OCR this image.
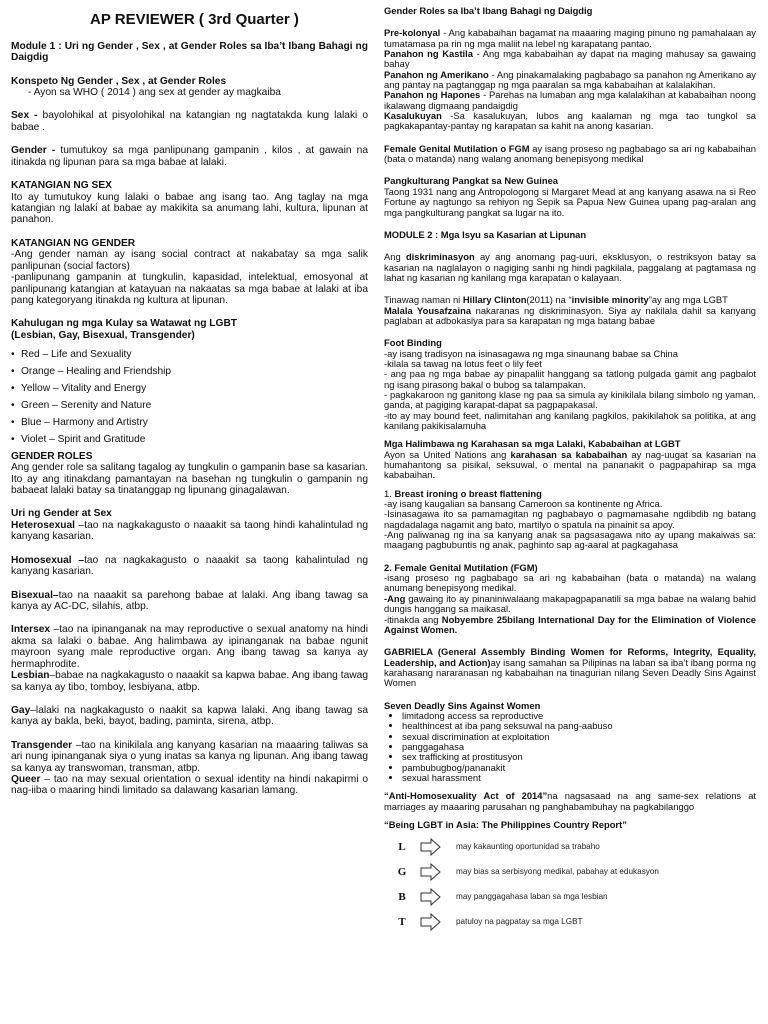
AP REVIEWER ( 3rd Quarter )

Module 1 : Uri ng Gender , Sex , at Gender Roles sa Iba’t Ibang Bahagi ng Daigdig

Konspeto Ng Gender , Sex , at Gender Roles

- Ayon sa WHO ( 2014 ) ang sex at gender ay magkaiba

Sex - bayolohikal at pisyolohikal na katangian ng nagtatakda kung lalaki o babae .

Gender - tumutukoy sa mga panlipunang gampanin , kilos , at gawain na itinakda ng lipunan para sa mga babae at lalaki.

KATANGIAN NG SEX

Ito ay tumutukoy kung lalaki o babae ang isang tao. Ang taglay na mga katangian ng lalaki at babae ay makikita sa anumang lahi, kultura, lipunan at panahon.

KATANGIAN NG GENDER

-Ang gender naman ay isang social contract at nakabatay sa mga salik panlipunan (social factors)

-panlipunang gampanin at tungkulin, kapasidad, intelektual, emosyonal at panlipunang katangian at katayuan na nakaatas sa mga babae at lalaki at iba pang kategoryang itinakda ng kultura at lipunan.

Kahulugan ng mga Kulay sa Watawat ng LGBT

(Lesbian, Gay, Bisexual, Transgender)

• Red – Life and Sexuality
• Orange – Healing and Friendship
• Yellow – Vitality and Energy
• Green – Serenity and Nature
• Blue – Harmony and Artistry
• Violet – Spirit and Gratitude

GENDER ROLES

Ang gender role sa salitang tagalog ay tungkulin o gampanin base sa kasarian. Ito ay ang itinakdang pamantayan na basehan ng tungkulin o gampanin ng babaeat lalaki batay sa tinatanggap ng lipunang ginagalawan.

Uri ng Gender at Sex

Heterosexual –tao na nagkakagusto o naaakit sa taong hindi kahalintulad ng kanyang kasarian.

Homosexual –tao na nagkakagusto o naaakit sa taong kahalintulad ng kanyang kasarian.

Bisexual–tao na naaakit sa parehong babae at lalaki. Ang ibang tawag sa kanya ay AC-DC, silahis, atbp.

Intersex –tao na ipinanganak na may reproductive o sexual anatomy na hindi akma sa lalaki o babae. Ang halimbawa ay ipinanganak na babae ngunit mayroon syang male reproductive organ. Ang ibang tawag sa kanya ay hermaphrodite.

Lesbian–babae na nagkakagusto o naaakit sa kapwa babae. Ang ibang tawag sa kanya ay tibo, tomboy, lesbiyana, atbp.

Gay–lalaki na nagkakagusto o naakit sa kapwa lalaki. Ang ibang tawag sa kanya ay bakla, beki, bayot, bading, paminta, sirena, atbp.

Transgender –tao na kinikilala ang kanyang kasarian na maaaring taliwas sa ari nung ipinanganak siya o yung inatas sa kanya ng lipunan. Ang ibang tawag sa kanya ay transwoman, transman, atbp.

Queer – tao na may sexual orientation o sexual identity na hindi nakapirmi o nag-iiba o maaring hindi limitado sa dalawang kasarian lamang.

Gender Roles sa Iba’t Ibang Bahagi ng Daigdig

Pre-kolonyal - Ang kababaihan bagamat na maaaring maging pinuno ng pamahalaan ay tumatamasa pa rin ng mga maliit na lebel ng karapatang pantao.

Panahon ng Kastila - Ang mga kababaihan ay dapat na maging mahusay sa gawaing bahay

Panahon ng Amerikano - Ang pinakamalaking pagbabago sa panahon ng Amerikano ay ang pantay na pagtanggap ng mga paaralan sa mga kababaihan at kalalakihan.

Panahon ng Hapones - Parehas na lumaban ang mga kalalakihan at kababaihan noong ikalawang digmaang pandaigdig

Kasalukuyan -Sa kasalukuyan, lubos ang kaalaman ng mga tao tungkol sa pagkakapantay-pantay ng karapatan sa kahit na anong kasarian.

Female Genital Mutilation o FGM ay isang proseso ng pagbabago sa ari ng kababaihan (bata o matanda) nang walang anomang benepisyong medikal

Pangkulturang Pangkat sa New Guinea

Taong 1931 nang ang Antropologong si Margaret Mead at ang kanyang asawa na si Reo Fortune ay nagtungo sa rehiyon ng Sepik sa Papua New Guinea upang pag-aralan ang mga pangkulturang pangkat sa lugar na ito.

MODULE 2 : Mga Isyu sa Kasarian at Lipunan

Ang diskriminasyon ay ang anomang pag-uuri, eksklusyon, o restriksyon batay sa kasarian na naglalayon o nagiging sanhi ng hindi pagkilala, paggalang at pagtamasa ng lahat ng kasarian ng kanilang mga karapatan o kalayaan.

Tinawag naman ni Hillary Clinton(2011) na “invisible minority”ay ang mga LGBT

Malala Yousafzaina nakaranas ng diskriminasyon. Siya ay nakilala dahil sa kanyang paglaban at adbokasiya para sa karapatan ng mga batang babae

Foot Binding

-ay isang tradisyon na isinasagawa ng mga sinaunang babae sa China

-kilala sa tawag na lotus feet o lily feet

- ang paa ng mga babae ay pinapaliit hanggang sa tatlong pulgada gamit ang pagbalot ng isang pirasong bakal o bubog sa talampakan.

- pagkakaroon ng ganitong klase ng paa sa simula ay kinikilala bilang simbolo ng yaman, ganda, at pagiging karapat-dapat sa pagpapakasal.

-ito ay may bound feet, nalimitahan ang kanilang pagkilos, pakikilahok sa politika, at ang kanilang pakikisalamuha

Mga Halimbawa ng Karahasan sa mga Lalaki, Kababaihan at LGBT

Ayon sa United Nations ang karahasan sa kababaihan ay nag-uugat sa kasarian na humahantong sa pisikal, seksuwal, o mental na pananakit o pagpapahirap sa mga kababaihan.

1. Breast ironing o breast flattening

-ay isang kaugalian sa bansang Cameroon sa kontinente ng Africa.

-Isinasagawa ito sa pamamagitan ng pagbabayo o pagmamasahe ngdibdib ng batang nagdadalaga nagamit ang bato, martilyo o spatula na pinainit sa apoy.

-Ang paliwanag ng ina sa kanyang anak sa pagsasagawa nito ay upang makaiwas sa: maagang pagbubuntis ng anak, paghinto sap ag-aaral at pagkagahasa

2. Female Genital Mutilation (FGM)

-isang proseso ng pagbabago sa ari ng kababaihan (bata o matanda) na walang anumang benepisyong medikal.

-Ang gawaing ito ay pinaniniwalaang makapagpapanatili sa mga babae na walang bahid dungis hanggang sa maikasal.

-itinakda ang Nobyembre 25bilang International Day for the Elimination of Violence Against Women.

GABRIELA (General Assembly Binding Women for Reforms, Integrity, Equality, Leadership, and Action)ay isang samahan sa Pilipinas na laban sa iba’t ibang porma ng karahasang nararanasan ng kababaihan na tinagurian nilang Seven Deadly Sins Against Women

Seven Deadly Sins Against Women

• limitadong access sa reproductive
• healthincest at iba pang seksuwal na pang-aabuso
• sexual discrimination at exploitation
• panggagahasa
• sex trafficking at prostitusyon
• pambubugbog/pananakit
• sexual harassment

“Anti-Homosexuality Act of 2014”na nagsasaad na ang same-sex relations at marriages ay maaaring parusahan ng panghabambuhay na pagkabilanggo

“Being LGBT in Asia: The Philippines Country Report”

L	may kakaunting oportunidad sa trabaho
G	may bias sa serbisyong medikal, pabahay at edukasyon
B	may panggagahasa laban sa mga lesbian
T	patuloy na pagpatay sa mga LGBT
